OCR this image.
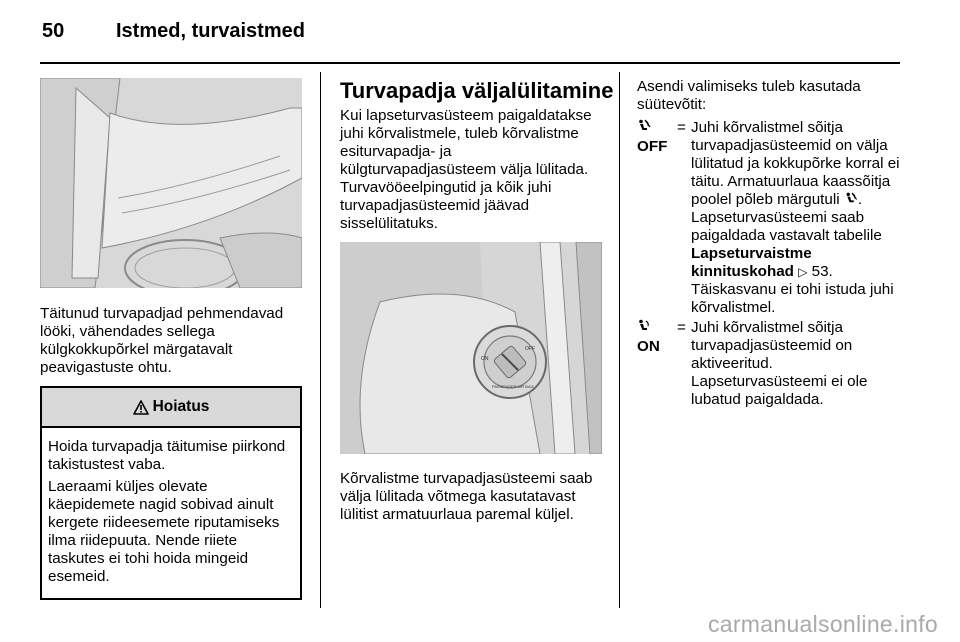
50	Istmed, turvaistmed

Täitunud turvapadjad pehmendavad lööki, vähendades sellega külgkokkupõrkel märgatavalt peavigastuste ohtu.

Hoiatus

Hoida turvapadja täitumise piirkond takistustest vaba.

Laeraami küljes olevate käepidemete nagid sobivad ainult kergete riideesemete riputamiseks ilma riidepuuta. Nende riiete taskutes ei tohi hoida mingeid esemeid.

Turvapadja väljalülitamine

Kui lapseturvasüsteem paigaldatakse juhi kõrvalistmele, tuleb kõrvalistme esiturvapadja- ja külgturvapadjasüsteem välja lülitada. Turvavööeelpingutid ja kõik juhi turvapadjasüsteemid jäävad sisselülitatuks.

ON
OFF
PASSENGER AIR BAG

Kõrvalistme turvapadjasüsteemi saab välja lülitada võtmega kasutatavast lülitist armatuurlaua paremal küljel.

Asendi valimiseks tuleb kasutada süütevõtit:

OFF
= Juhi kõrvalistmel sõitja turvapadjasüsteemid on välja lülitatud ja kokkupõrke korral ei täitu. Armatuurlaua kaassõitja poolel põleb märgutuli .
Lapseturvasüsteemi saab paigaldada vastavalt tabelile
Lapseturvaistme kinnituskohad ▷ 53.
Täiskasvanu ei tohi istuda juhi kõrvalistmel.
ON
= Juhi kõrvalistmel sõitja turvapadjasüsteemid on aktiveeritud. Lapseturvasüsteemi ei ole lubatud paigaldada.
carmanualsonline.info
